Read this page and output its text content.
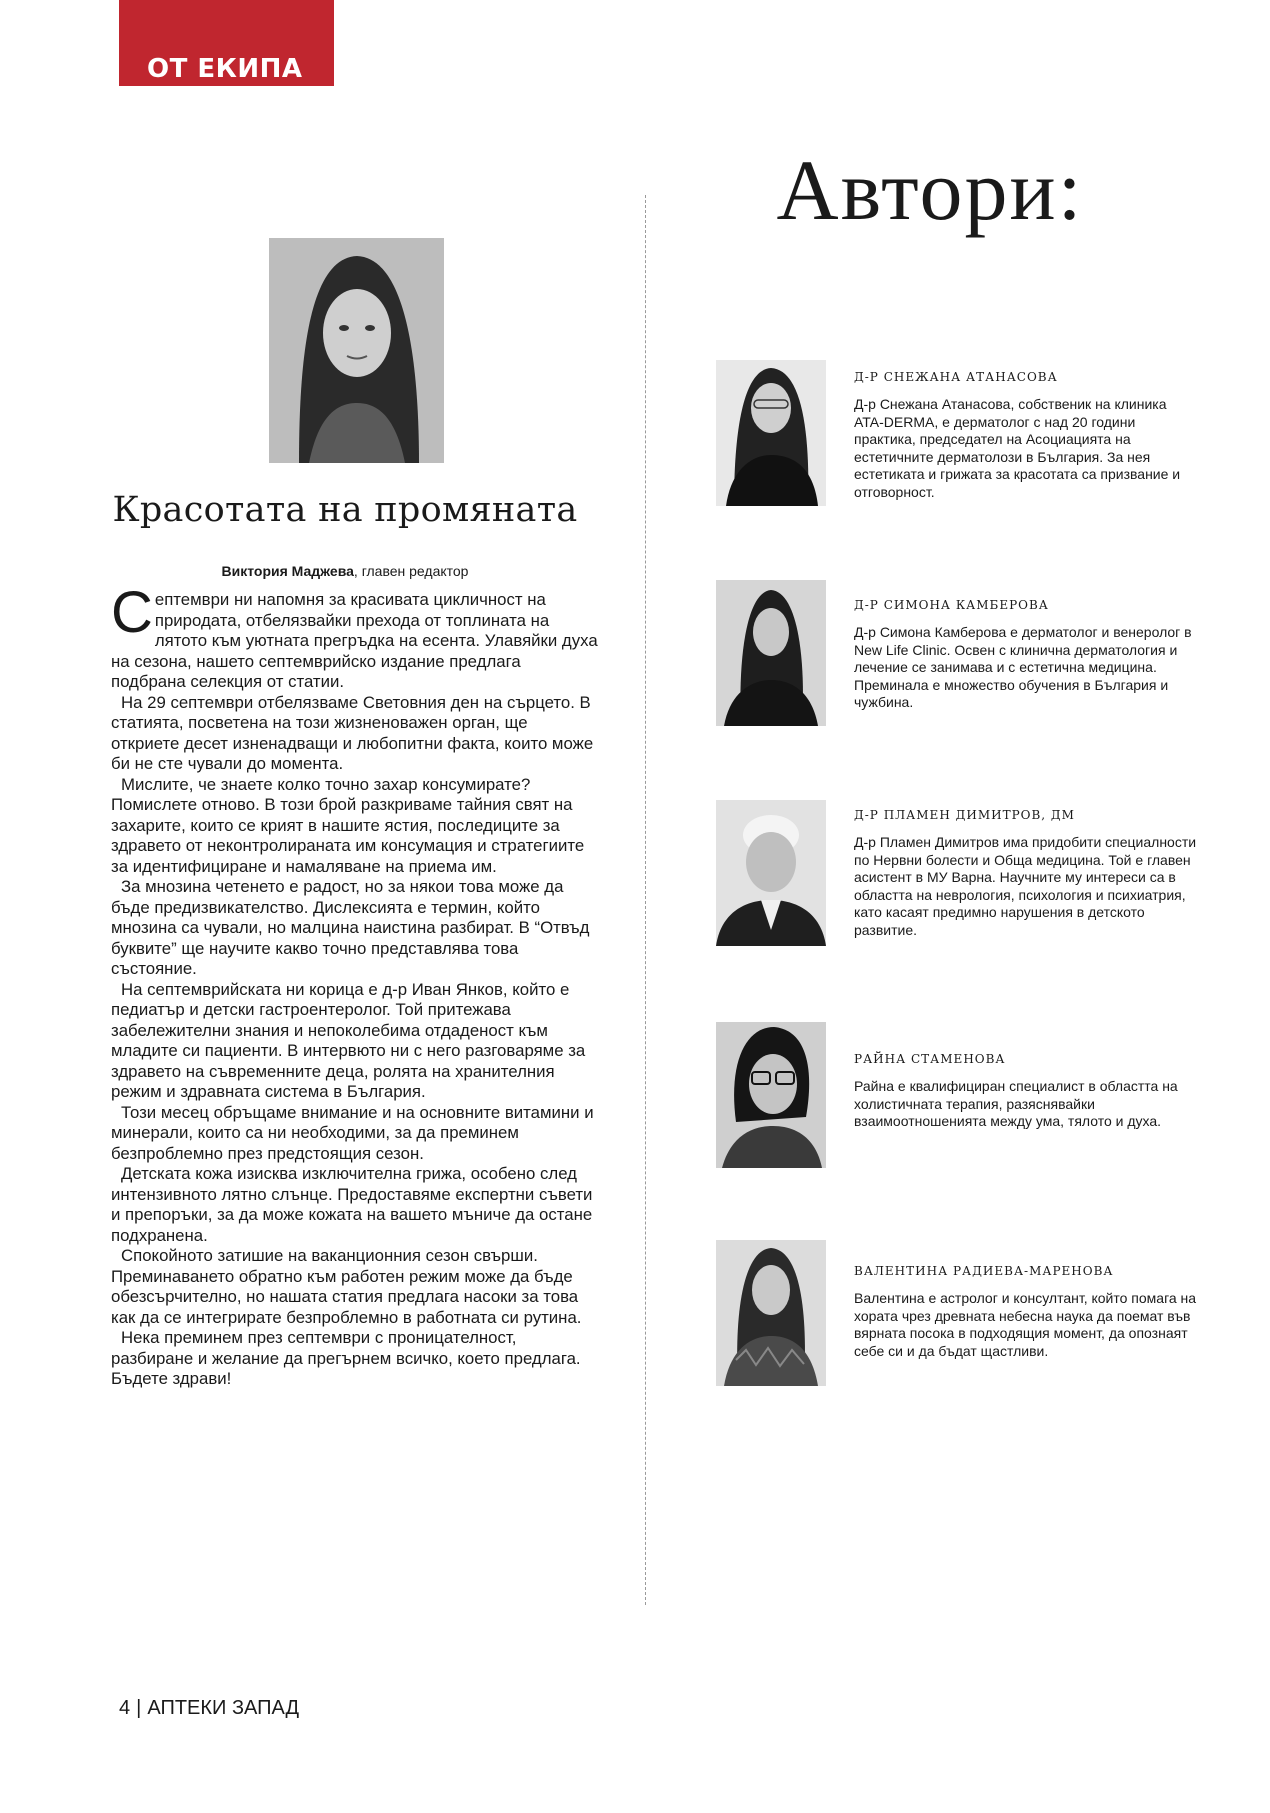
ОТ ЕКИПА
Красотата на промяната

Виктория Маджева, главен редактор

Септември ни напомня за красивата цикличност на природата, отбелязвайки прехода от топлината на лятото към уютната прегръдка на есента. Улавяйки духа на сезона, нашето септемврийско издание предлага подбрана селекция от статии.

На 29 септември отбелязваме Световния ден на сърцето. В статията, посветена на този жизненоважен орган, ще откриете десет изненадващи и любопитни факта, които може би не сте чували до момента.

Мислите, че знаете колко точно захар консумирате? Помислете отново. В този брой разкриваме тайния свят на захарите, които се крият в нашите ястия, последиците за здравето от неконтролираната им консумация и стратегиите за идентифициране и намаляване на приема им.

За мнозина четенето е радост, но за някои това може да бъде предизвикателство. Дислексията е термин, който мнозина са чували, но малцина наистина разбират. В “Отвъд буквите” ще научите какво точно представлява това състояние.

На септемврийската ни корица е д-р Иван Янков, който е педиатър и детски гастроентеролог. Той притежава забележителни знания и непоколебима отдаденост към младите си пациенти. В интервюто ни с него разговаряме за здравето на съвременните деца, ролята на хранителния режим и здравната система в България.

Този месец обръщаме внимание и на основните витамини и минерали, които са ни необходими, за да преминем безпроблемно през предстоящия сезон.

Детската кожа изисква изключителна грижа, особено след интензивното лятно слънце. Предоставяме експертни съвети и препоръки, за да може кожата на вашето мъниче да остане подхранена.

Спокойното затишие на ваканционния сезон свърши. Преминаването обратно към работен режим може да бъде обезсърчително, но нашата статия предлага насоки за това как да се интегрирате безпроблемно в работната си рутина.

Нека преминем през септември с проницателност, разбиране и желание да прегърнем всичко, което предлага. Бъдете здрави!

Автори:
Д-Р СНЕЖАНА АТАНАСОВА

Д-р Снежана Атанасова, собственик на клиника ATA-DERMA, е дерматолог с над 20 години практика, председател на Асоциацията на естетичните дерматолози в България. За нея естетиката и грижата за красотата са призвание и отговорност.

Д-Р СИМОНА КАМБЕРОВА

Д-р Симона Камберова е дерматолог и венеролог в New Life Clinic. Освен с клинична дерматология и лечение се занимава и с естетична медицина. Преминала е множество обучения в България и чужбина.

Д-Р ПЛАМЕН ДИМИТРОВ, ДМ

Д-р Пламен Димитров има придобити специалности по Нервни болести и Обща медицина. Той е главен асистент в МУ Варна. Научните му интереси са в областта на неврология, психология и психиатрия, като касаят предимно нарушения в детското развитие.

РАЙНА СТАМЕНОВА

Райна е квалифициран специалист в областта на холистичната терапия, разяснявайки взаимоотношенията между ума, тялото и духа.

ВАЛЕНТИНА РАДИЕВА-МАРЕНОВА

Валентина е астролог и консултант, който помага на хората чрез древната небесна наука да поемат във вярната посока в подходящия момент, да опознаят себе си и да бъдат щастливи.

4 | АПТЕКИ ЗАПАД
